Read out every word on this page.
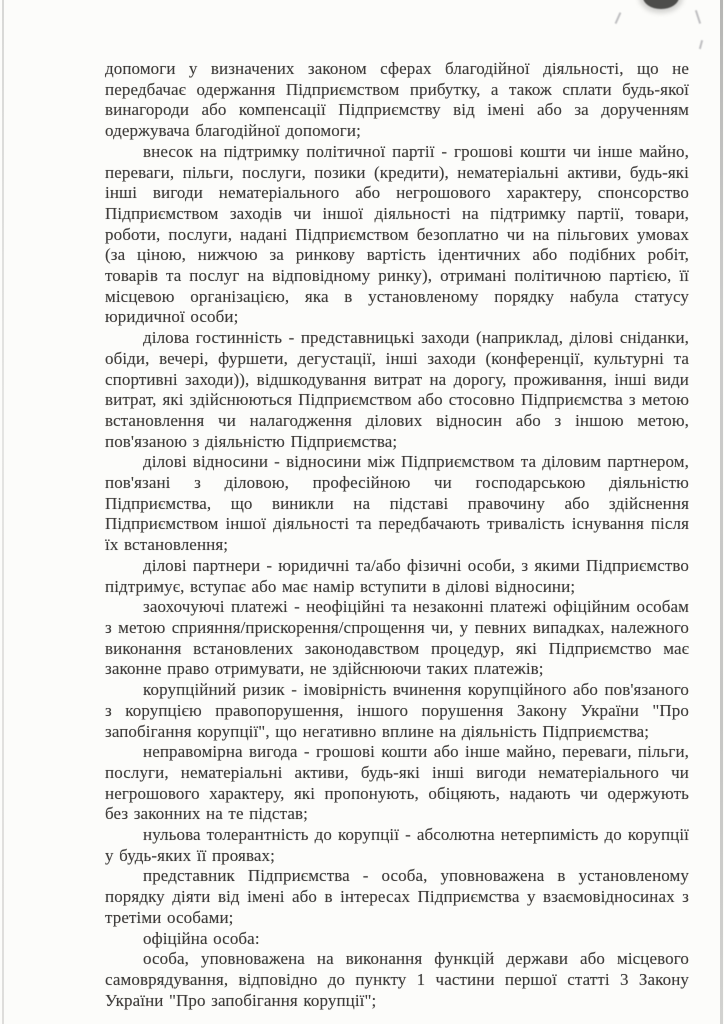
допомоги у визначених законом сферах благодійної діяльності, що не передбачає одержання Підприємством прибутку, а також сплати будь-якої винагороди або компенсації Підприємству від імені або за дорученням одержувача благодійної допомоги;

внесок на підтримку політичної партії - грошові кошти чи інше майно, переваги, пільги, послуги, позики (кредити), нематеріальні активи, будь-які інші вигоди нематеріального або негрошового характеру, спонсорство Підприємством заходів чи іншої діяльності на підтримку партії, товари, роботи, послуги, надані Підприємством безоплатно чи на пільгових умовах (за ціною, нижчою за ринкову вартість ідентичних або подібних робіт, товарів та послуг на відповідному ринку), отримані політичною партією, її місцевою організацією, яка в установленому порядку набула статусу юридичної особи;

ділова гостинність - представницькі заходи (наприклад, ділові сніданки, обіди, вечері, фуршети, дегустації, інші заходи (конференції, культурні та спортивні заходи)), відшкодування витрат на дорогу, проживання, інші види витрат, які здійснюються Підприємством або стосовно Підприємства з метою встановлення чи налагодження ділових відносин або з іншою метою, пов'язаною з діяльністю Підприємства;

ділові відносини - відносини між Підприємством та діловим партнером, пов'язані з діловою, професійною чи господарською діяльністю Підприємства, що виникли на підставі правочину або здійснення Підприємством іншої діяльності та передбачають тривалість існування після їх встановлення;

ділові партнери - юридичні та/або фізичні особи, з якими Підприємство підтримує, вступає або має намір вступити в ділові відносини;

заохочуючі платежі - неофіційні та незаконні платежі офіційним особам з метою сприяння/прискорення/спрощення чи, у певних випадках, належного виконання встановлених законодавством процедур, які Підприємство має законне право отримувати, не здійснюючи таких платежів;

корупційний ризик - імовірність вчинення корупційного або пов'язаного з корупцією правопорушення, іншого порушення Закону України "Про запобігання корупції", що негативно вплине на діяльність Підприємства;

неправомірна вигода - грошові кошти або інше майно, переваги, пільги, послуги, нематеріальні активи, будь-які інші вигоди нематеріального чи негрошового характеру, які пропонують, обіцяють, надають чи одержують без законних на те підстав;

нульова толерантність до корупції - абсолютна нетерпимість до корупції у будь-яких її проявах;

представник Підприємства - особа, уповноважена в установленому порядку діяти від імені або в інтересах Підприємства у взаємовідносинах з третіми особами;

офіційна особа:

особа, уповноважена на виконання функцій держави або місцевого самоврядування, відповідно до пункту 1 частини першої статті 3 Закону України "Про запобігання корупції";
